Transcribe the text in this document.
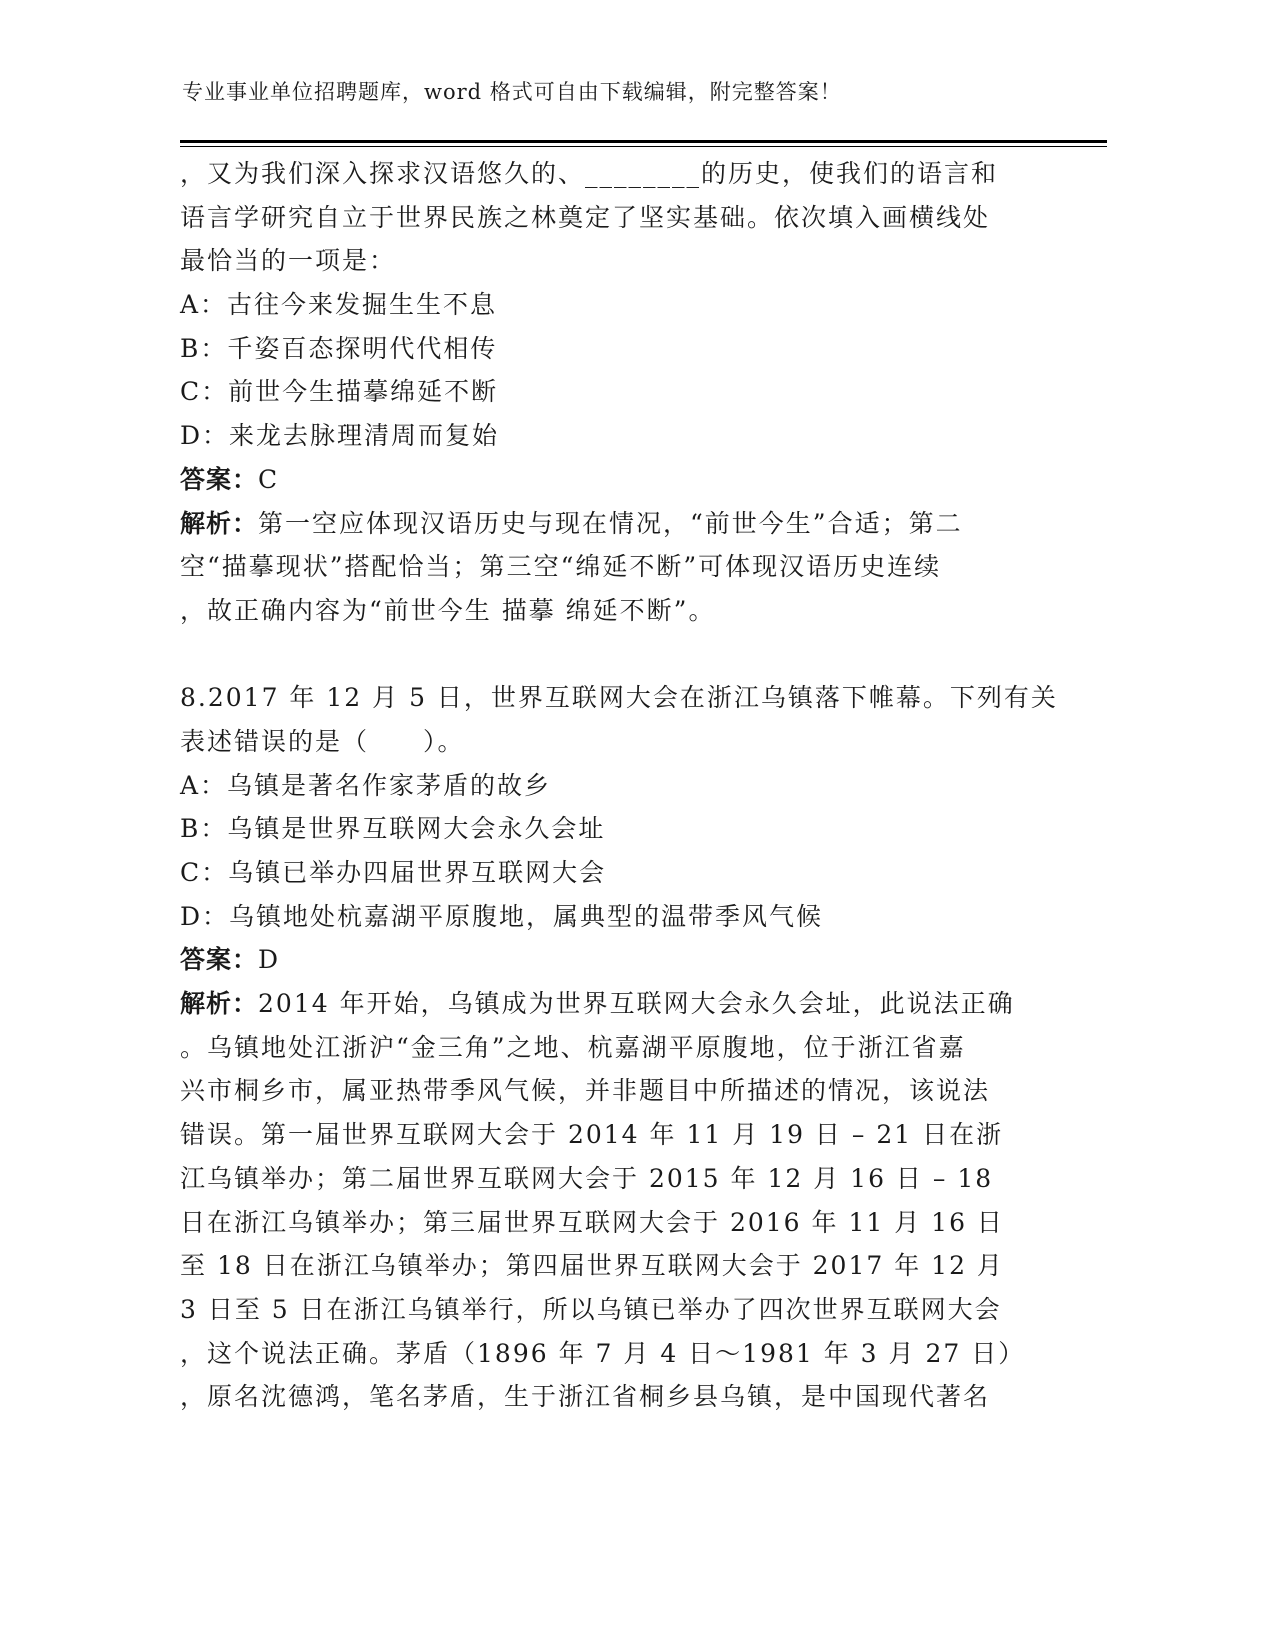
专业事业单位招聘题库，word 格式可自由下载编辑，附完整答案！
，又为我们深入探求汉语悠久的、________的历史，使我们的语言和
语言学研究自立于世界民族之林奠定了坚实基础。依次填入画横线处
最恰当的一项是：
A：古往今来发掘生生不息
B：千姿百态探明代代相传
C：前世今生描摹绵延不断
D：来龙去脉理清周而复始
答案：C
解析：第一空应体现汉语历史与现在情况，“前世今生”合适；第二
空“描摹现状”搭配恰当；第三空“绵延不断”可体现汉语历史连续
，故正确内容为“前世今生 描摹 绵延不断”。
8.2017 年 12 月 5 日，世界互联网大会在浙江乌镇落下帷幕。下列有关
表述错误的是（　　）。
A：乌镇是著名作家茅盾的故乡
B：乌镇是世界互联网大会永久会址
C：乌镇已举办四届世界互联网大会
D：乌镇地处杭嘉湖平原腹地，属典型的温带季风气候
答案：D
解析：2014 年开始，乌镇成为世界互联网大会永久会址，此说法正确
。乌镇地处江浙沪“金三角”之地、杭嘉湖平原腹地，位于浙江省嘉
兴市桐乡市，属亚热带季风气候，并非题目中所描述的情况，该说法
错误。第一届世界互联网大会于 2014 年 11 月 19 日 – 21 日在浙
江乌镇举办；第二届世界互联网大会于 2015 年 12 月 16 日 – 18
日在浙江乌镇举办；第三届世界互联网大会于 2016 年 11 月 16 日
至 18 日在浙江乌镇举办；第四届世界互联网大会于 2017 年 12 月
3 日至 5 日在浙江乌镇举行，所以乌镇已举办了四次世界互联网大会
，这个说法正确。茅盾（1896 年 7 月 4 日～1981 年 3 月 27 日）
，原名沈德鸿，笔名茅盾，生于浙江省桐乡县乌镇，是中国现代著名
